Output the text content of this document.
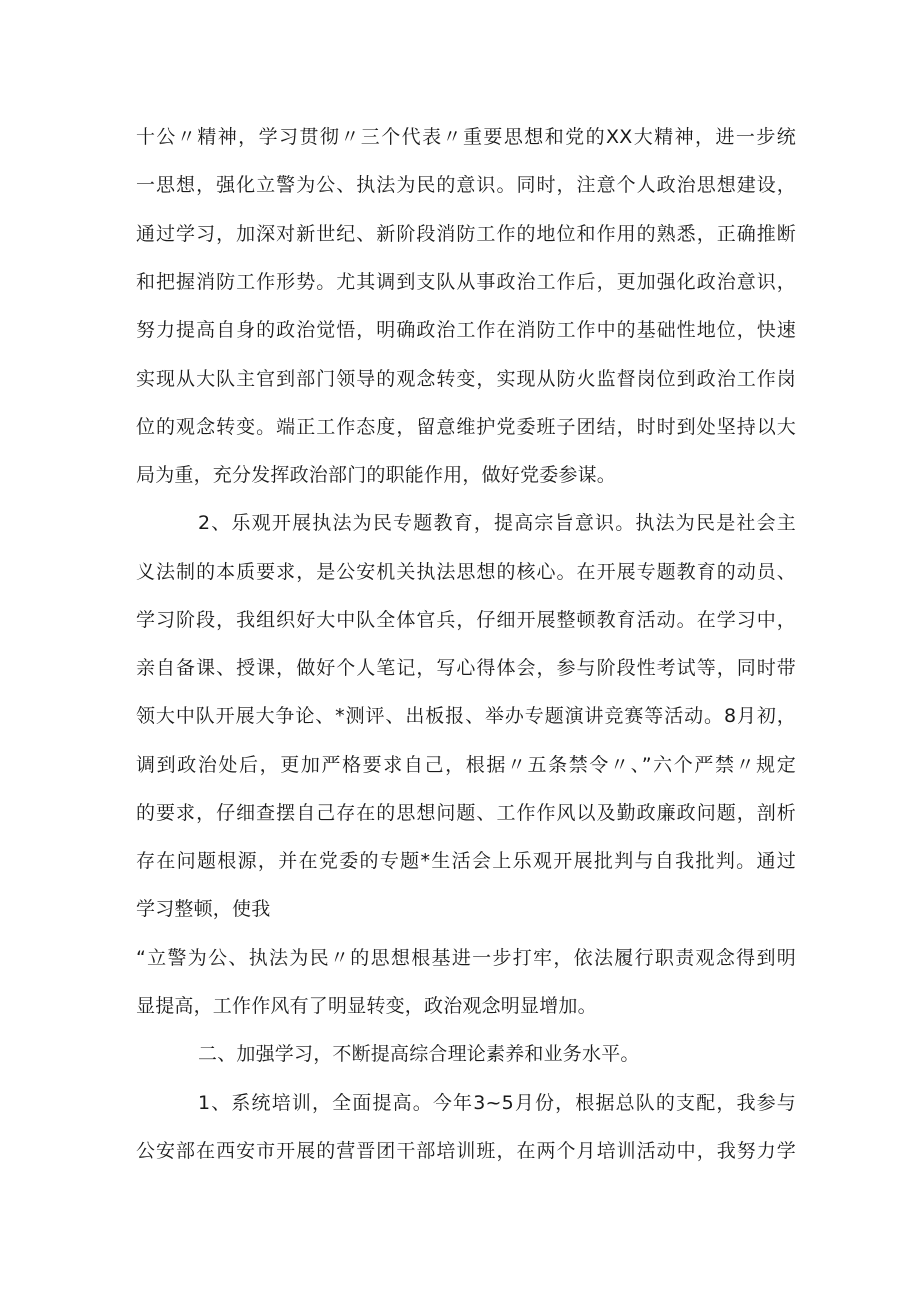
十公〃精神，学习贯彻〃三个代表〃重要思想和党的XX大精神，进一步统
一思想，强化立警为公、执法为民的意识。同时，注意个人政治思想建设，
通过学习，加深对新世纪、新阶段消防工作的地位和作用的熟悉，正确推断
和把握消防工作形势。尤其调到支队从事政治工作后，更加强化政治意识，
努力提高自身的政治觉悟，明确政治工作在消防工作中的基础性地位，快速
实现从大队主官到部门领导的观念转变，实现从防火监督岗位到政治工作岗
位的观念转变。端正工作态度，留意维护党委班子团结，时时到处坚持以大
局为重，充分发挥政治部门的职能作用，做好党委参谋。
2、乐观开展执法为民专题教育，提高宗旨意识。执法为民是社会主
义法制的本质要求，是公安机关执法思想的核心。在开展专题教育的动员、
学习阶段，我组织好大中队全体官兵，仔细开展整顿教育活动。在学习中，
亲自备课、授课，做好个人笔记，写心得体会，参与阶段性考试等，同时带
领大中队开展大争论、*测评、出板报、举办专题演讲竞赛等活动。8月初，
调到政治处后，更加严格要求自己，根据〃五条禁令〃、”六个严禁〃规定
的要求，仔细查摆自己存在的思想问题、工作作风以及勤政廉政问题，剖析
存在问题根源，并在党委的专题*生活会上乐观开展批判与自我批判。通过
学习整顿，使我
“立警为公、执法为民〃的思想根基进一步打牢，依法履行职责观念得到明
显提高，工作作风有了明显转变，政治观念明显增加。
二、加强学习，不断提高综合理论素养和业务水平。
1、系统培训，全面提高。今年3~5月份，根据总队的支配，我参与
公安部在西安市开展的营晋团干部培训班，在两个月培训活动中，我努力学
